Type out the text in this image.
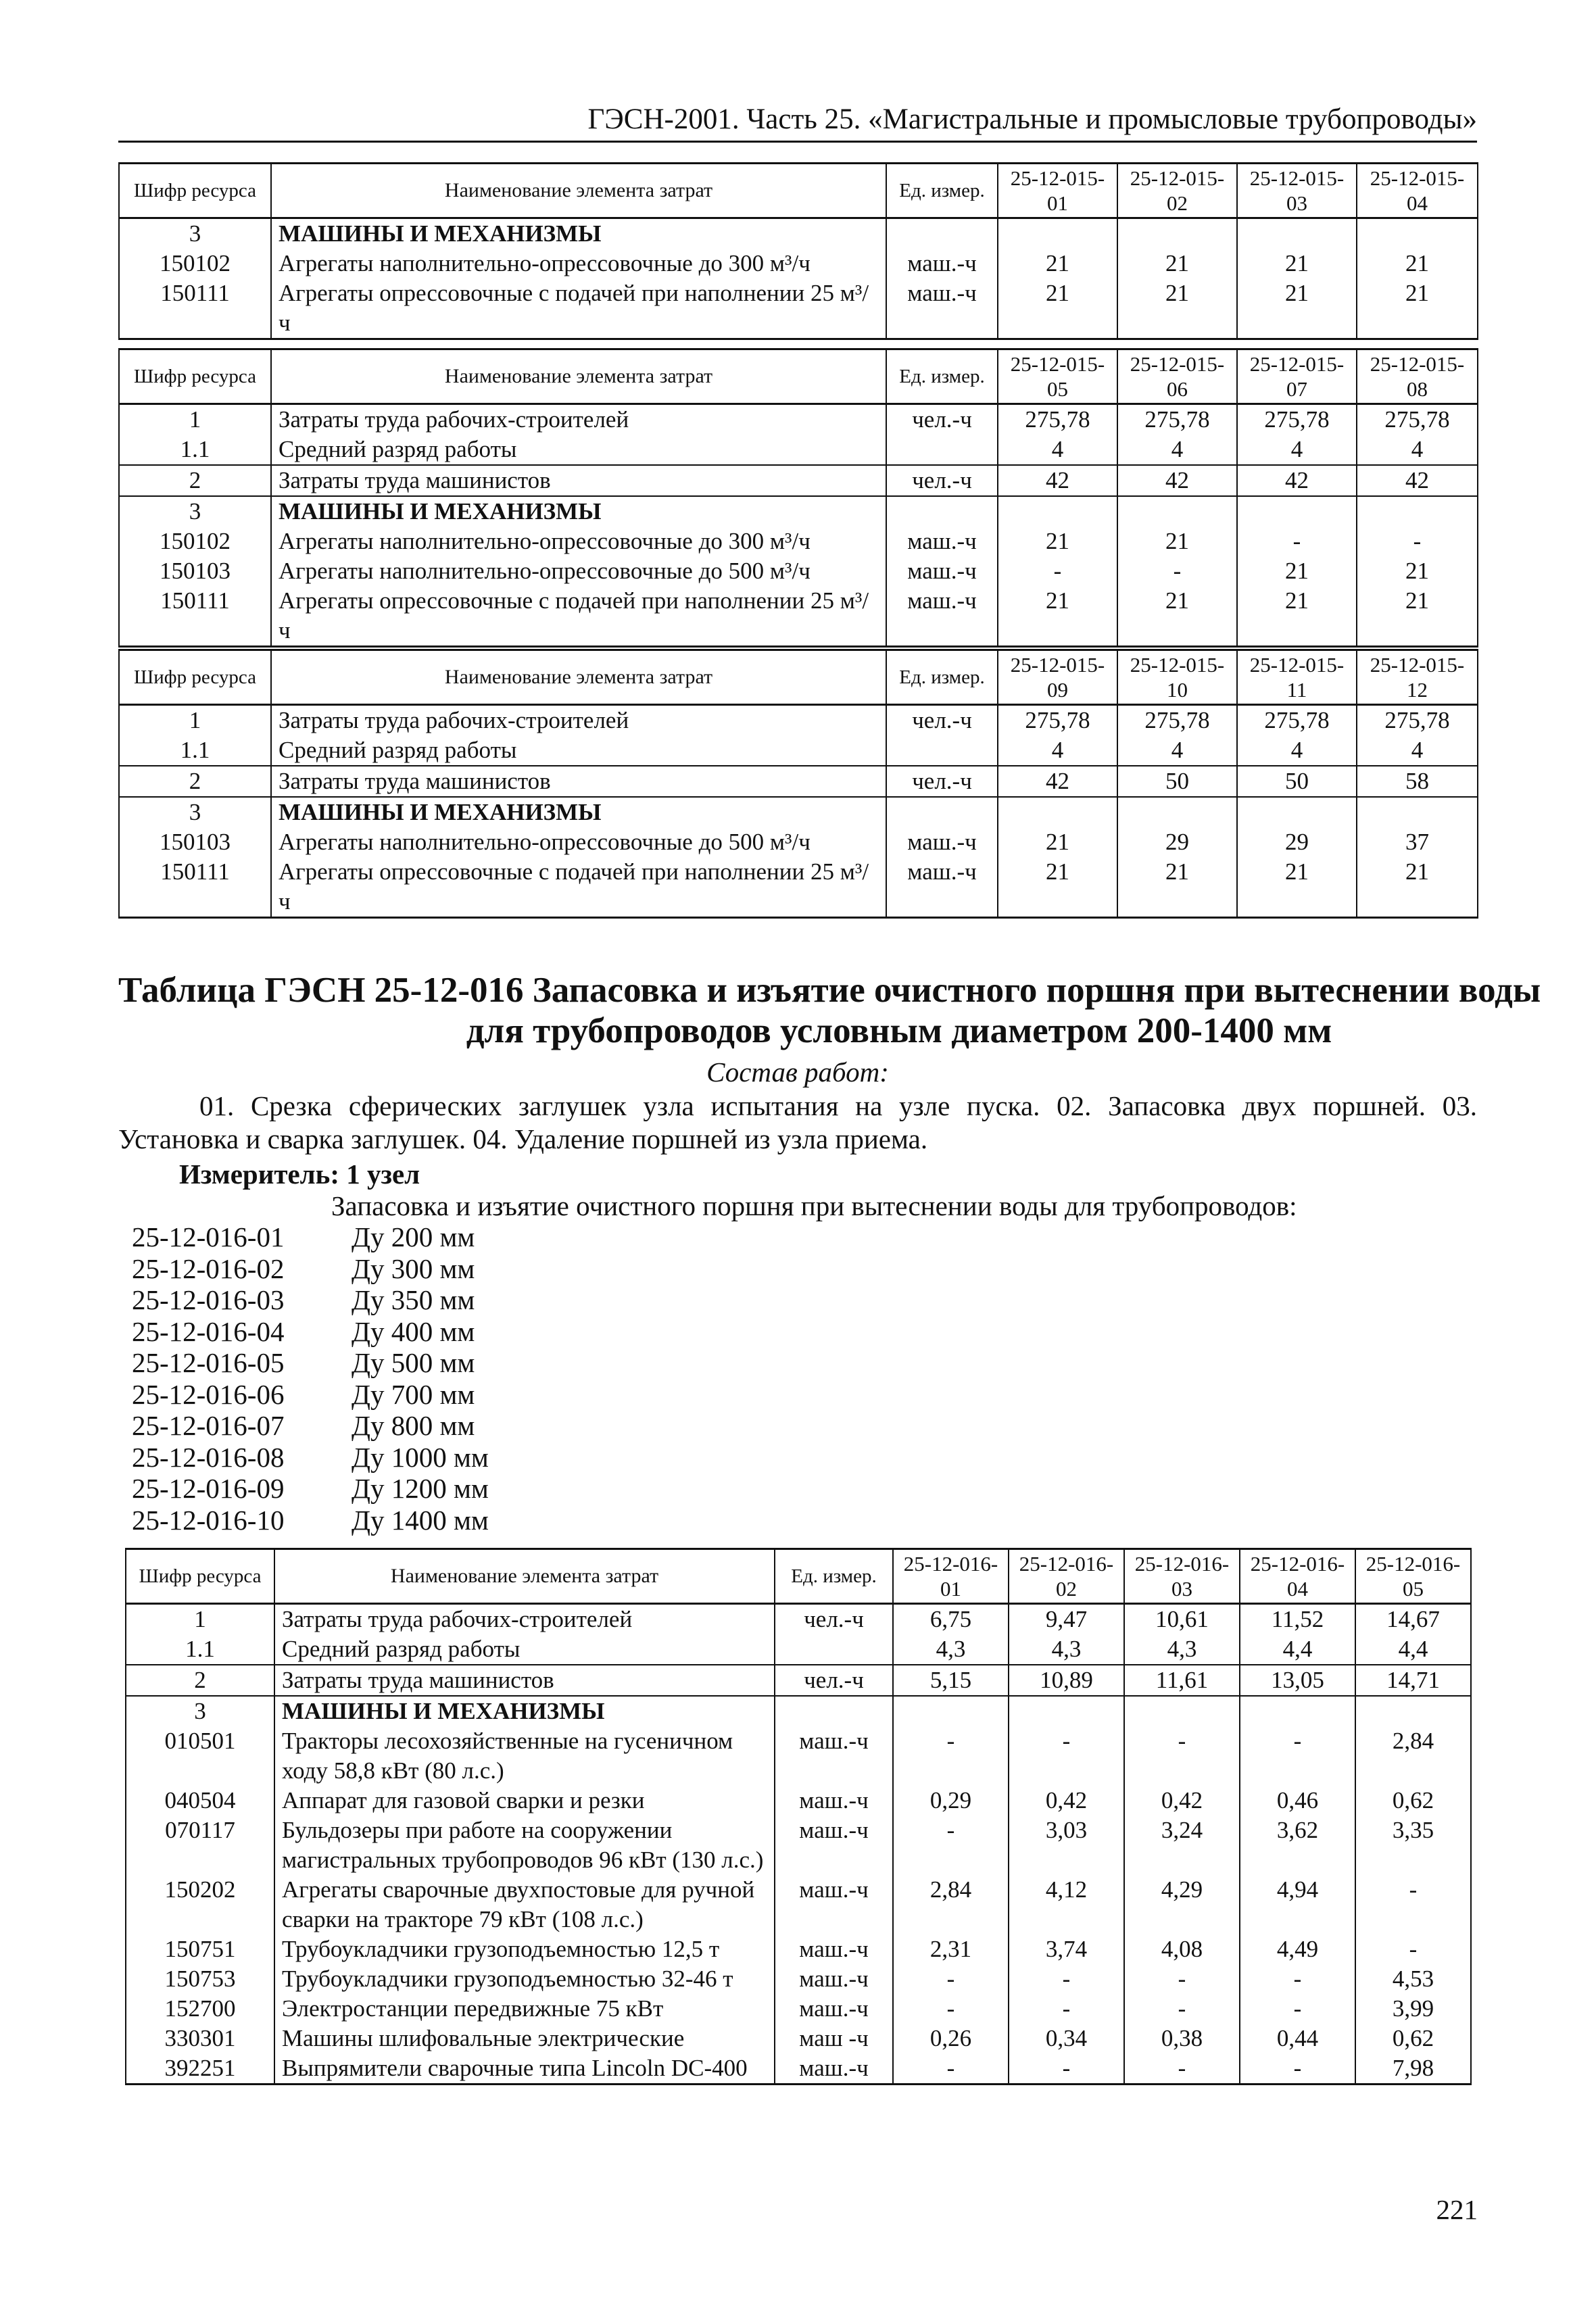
ГЭСН-2001. Часть 25. «Магистральные и промысловые трубопроводы»
Шифр ресурса	Наименование элемента затрат	Ед. измер.	25-12-015-01	25-12-015-02	25-12-015-03	25-12-015-04
3	МАШИНЫ И МЕХАНИЗМЫ					
150102	Агрегаты наполнительно-опрессовочные до 300 м³/ч	маш.-ч	21	21	21	21
150111	Агрегаты опрессовочные с подачей при наполнении 25 м³/ч	маш.-ч	21	21	21	21
Шифр ресурса	Наименование элемента затрат	Ед. измер.	25-12-015-05	25-12-015-06	25-12-015-07	25-12-015-08
1	Затраты труда рабочих-строителей	чел.-ч	275,78	275,78	275,78	275,78
1.1	Средний разряд работы		4	4	4	4
2	Затраты труда машинистов	чел.-ч	42	42	42	42
3	МАШИНЫ И МЕХАНИЗМЫ					
150102	Агрегаты наполнительно-опрессовочные до 300 м³/ч	маш.-ч	21	21	-	-
150103	Агрегаты наполнительно-опрессовочные до 500 м³/ч	маш.-ч	-	-	21	21
150111	Агрегаты опрессовочные с подачей при наполнении 25 м³/ч	маш.-ч	21	21	21	21
Шифр ресурса	Наименование элемента затрат	Ед. измер.	25-12-015-09	25-12-015-10	25-12-015-11	25-12-015-12
1	Затраты труда рабочих-строителей	чел.-ч	275,78	275,78	275,78	275,78
1.1	Средний разряд работы		4	4	4	4
2	Затраты труда машинистов	чел.-ч	42	50	50	58
3	МАШИНЫ И МЕХАНИЗМЫ					
150103	Агрегаты наполнительно-опрессовочные до 500 м³/ч	маш.-ч	21	29	29	37
150111	Агрегаты опрессовочные с подачей при наполнении 25 м³/ч	маш.-ч	21	21	21	21
Таблица ГЭСН 25-12-016 Запасовка и изъятие очистного поршня при вытеснении воды
для трубопроводов условным диаметром 200-1400 мм
Состав работ:
01. Срезка сферических заглушек узла испытания на узле пуска. 02. Запасовка двух поршней. 03. Установка и сварка заглушек. 04. Удаление поршней из узла приема.
Измеритель: 1 узел
Запасовка и изъятие очистного поршня при вытеснении воды для трубопроводов:
25-12-016-01 Ду 200 мм
25-12-016-02 Ду 300 мм
25-12-016-03 Ду 350 мм
25-12-016-04 Ду 400 мм
25-12-016-05 Ду 500 мм
25-12-016-06 Ду 700 мм
25-12-016-07 Ду 800 мм
25-12-016-08 Ду 1000 мм
25-12-016-09 Ду 1200 мм
25-12-016-10 Ду 1400 мм
Шифр ресурса	Наименование элемента затрат	Ед. измер.	25-12-016-01	25-12-016-02	25-12-016-03	25-12-016-04	25-12-016-05
1	Затраты труда рабочих-строителей	чел.-ч	6,75	9,47	10,61	11,52	14,67
1.1	Средний разряд работы		4,3	4,3	4,3	4,4	4,4
2	Затраты труда машинистов	чел.-ч	5,15	10,89	11,61	13,05	14,71
3	МАШИНЫ И МЕХАНИЗМЫ						
010501	Тракторы лесохозяйственные на гусеничном ходу 58,8 кВт (80 л.с.)	маш.-ч	-	-	-	-	2,84
040504	Аппарат для газовой сварки и резки	маш.-ч	0,29	0,42	0,42	0,46	0,62
070117	Бульдозеры при работе на сооружении магистральных трубопроводов 96 кВт (130 л.с.)	маш.-ч	-	3,03	3,24	3,62	3,35
150202	Агрегаты сварочные двухпостовые для ручной сварки на тракторе 79 кВт (108 л.с.)	маш.-ч	2,84	4,12	4,29	4,94	-
150751	Трубоукладчики грузоподъемностью 12,5 т	маш.-ч	2,31	3,74	4,08	4,49	-
150753	Трубоукладчики грузоподъемностью 32-46 т	маш.-ч	-	-	-	-	4,53
152700	Электростанции передвижные 75 кВт	маш.-ч	-	-	-	-	3,99
330301	Машины шлифовальные электрические	маш -ч	0,26	0,34	0,38	0,44	0,62
392251	Выпрямители сварочные типа Lincoln DC-400	маш.-ч	-	-	-	-	7,98
221
